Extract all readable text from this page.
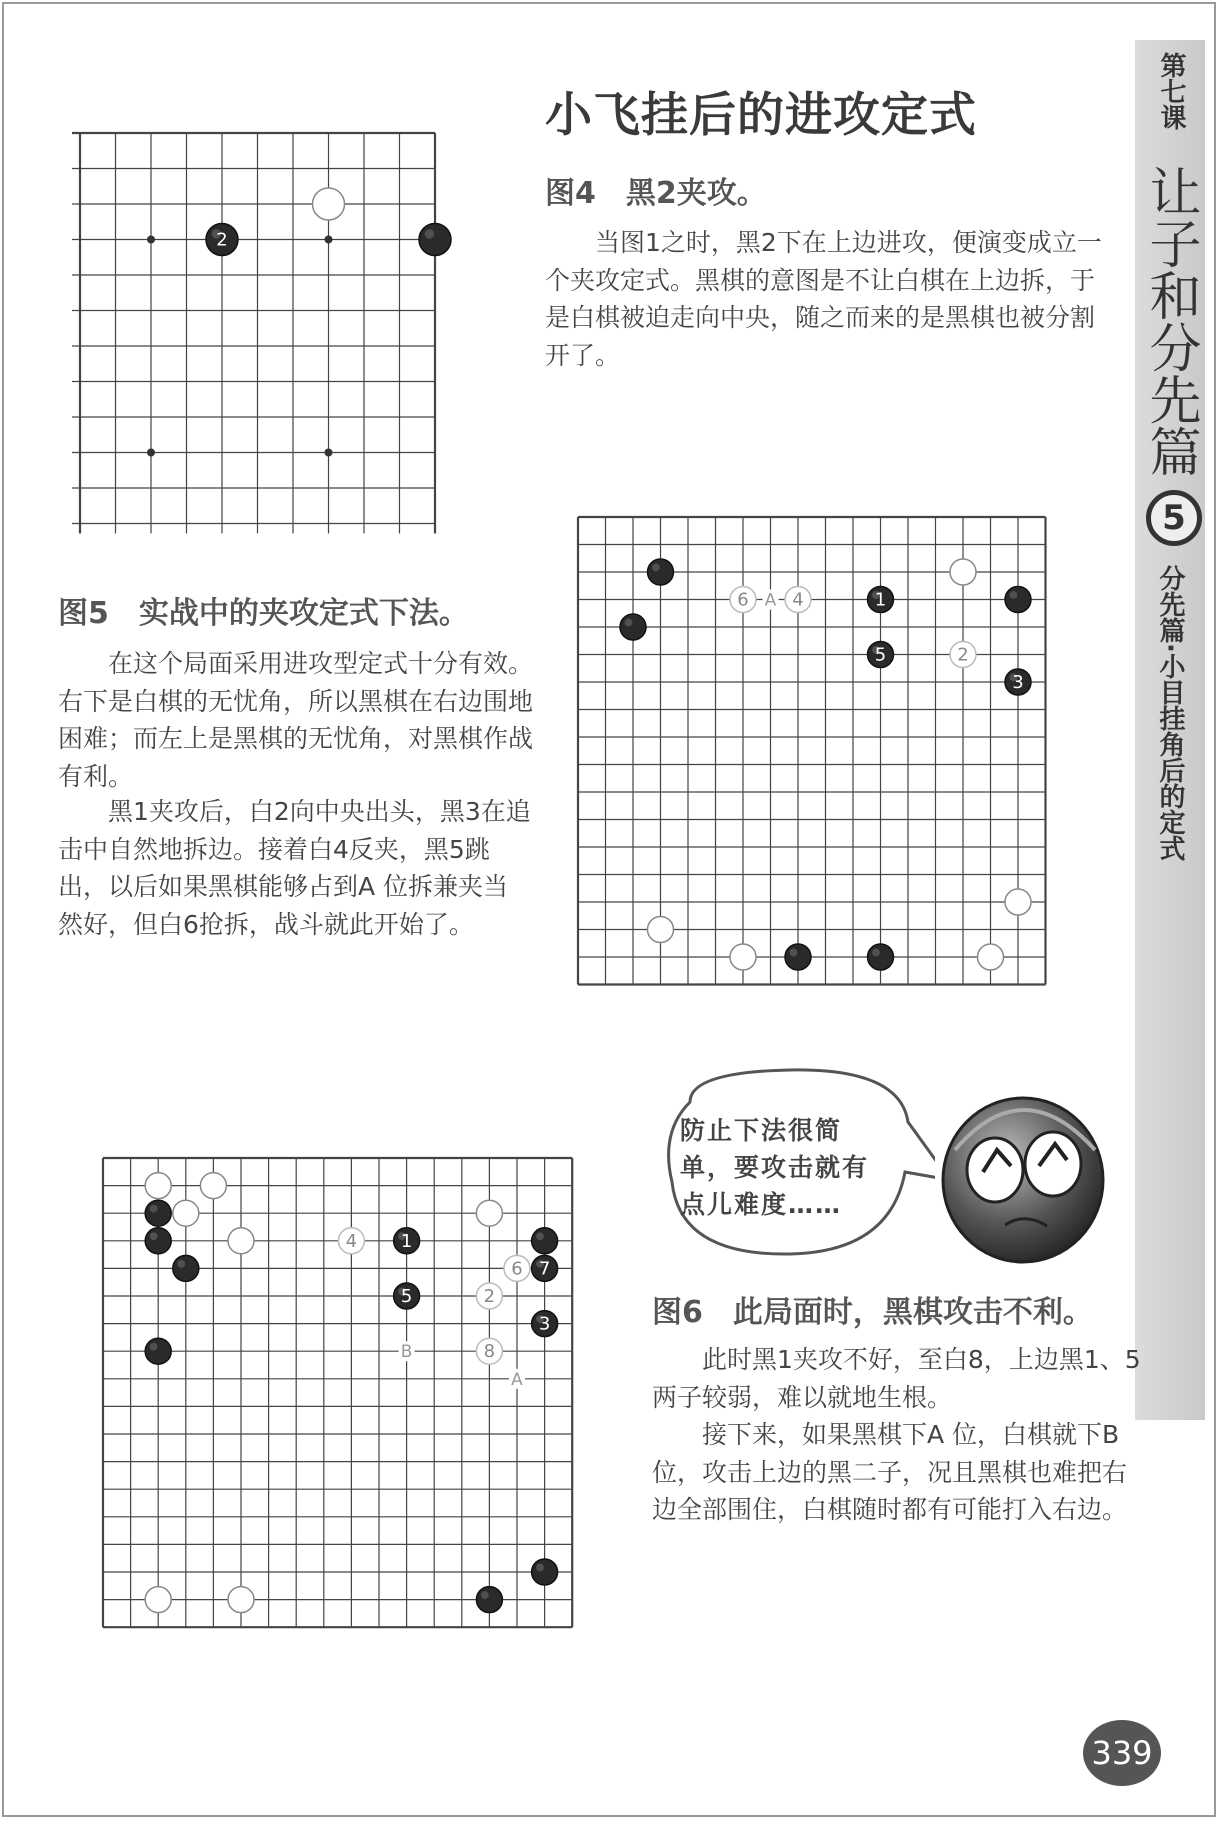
小飞挂后的进攻定式	第七课
让子和分先篇
5
分先篇·小目挂角后的定式
2
图4 黑2夹攻。

当图1之时，黑2下在上边进攻，便演变成立一个夹攻定式。黑棋的意图是不让白棋在上边拆，于是白棋被迫走向中央，随之而来的是黑棋也被分割开了。

图5 实战中的夹攻定式下法。

在这个局面采用进攻型定式十分有效。右下是白棋的无忧角，所以黑棋在右边围地困难；而左上是黑棋的无忧角，对黑棋作战有利。

黑1夹攻后，白2向中央出头，黑3在追击中自然地拆边。接着白4反夹，黑5跳出，以后如果黑棋能够占到A 位拆兼夹当然好，但白6抢拆，战斗就此开始了。

A
6 4	1
5	2
3
防止下法很简单，要攻击就有点儿难度……
B
A
4 1
5	2
6 7
3
8
图6 此局面时，黑棋攻击不利。

此时黑1夹攻不好，至白8，上边黑1、5两子较弱，难以就地生根。

接下来，如果黑棋下A 位，白棋就下B位，攻击上边的黑二子，况且黑棋也难把右边全部围住，白棋随时都有可能打入右边。

339
